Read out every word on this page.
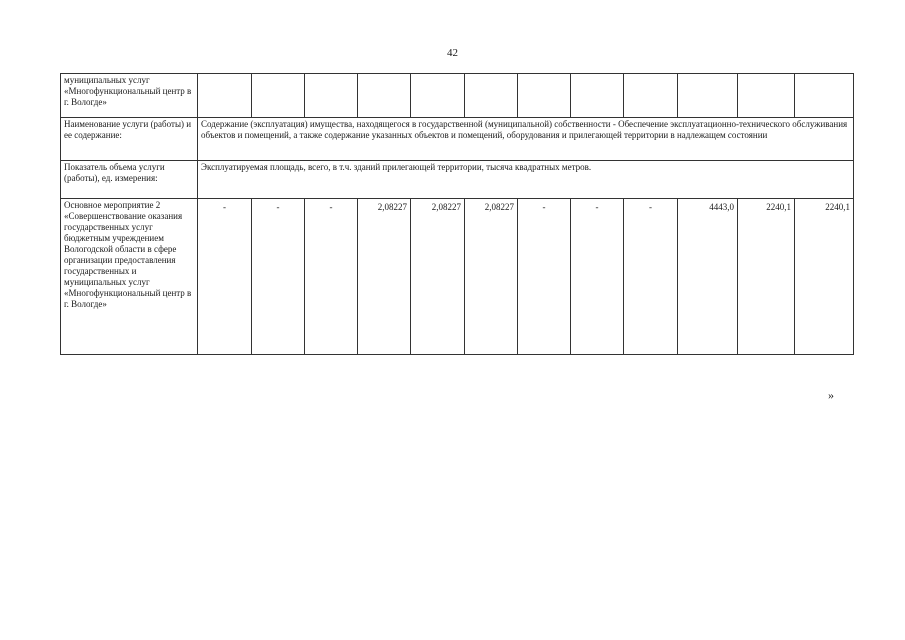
42
муниципальных услуг «Многофункциональный центр в г. Вологде»												
Наименование услуги (работы) и ее содержание:	Содержание (эксплуатация) имущества, находящегося в государственной (муниципальной) собственности - Обеспечение эксплуатационно-технического обслуживания объектов и помещений, а также содержание указанных объектов и помещений, оборудования и прилегающей территории в надлежащем состоянии											
Показатель объема услуги (работы), ед. измерения:	Эксплуатируемая площадь, всего, в т.ч. зданий прилегающей территории, тысяча квадратных метров.											
Основное мероприятие 2 «Совершенствование оказания государственных услуг бюджетным учреждением Вологодской области в сфере организации предоставления государственных и муниципальных услуг «Многофункциональный центр в г. Вологде»	-	-	-	2,08227	2,08227	2,08227	-	-	-	4443,0	2240,1	2240,1
»
